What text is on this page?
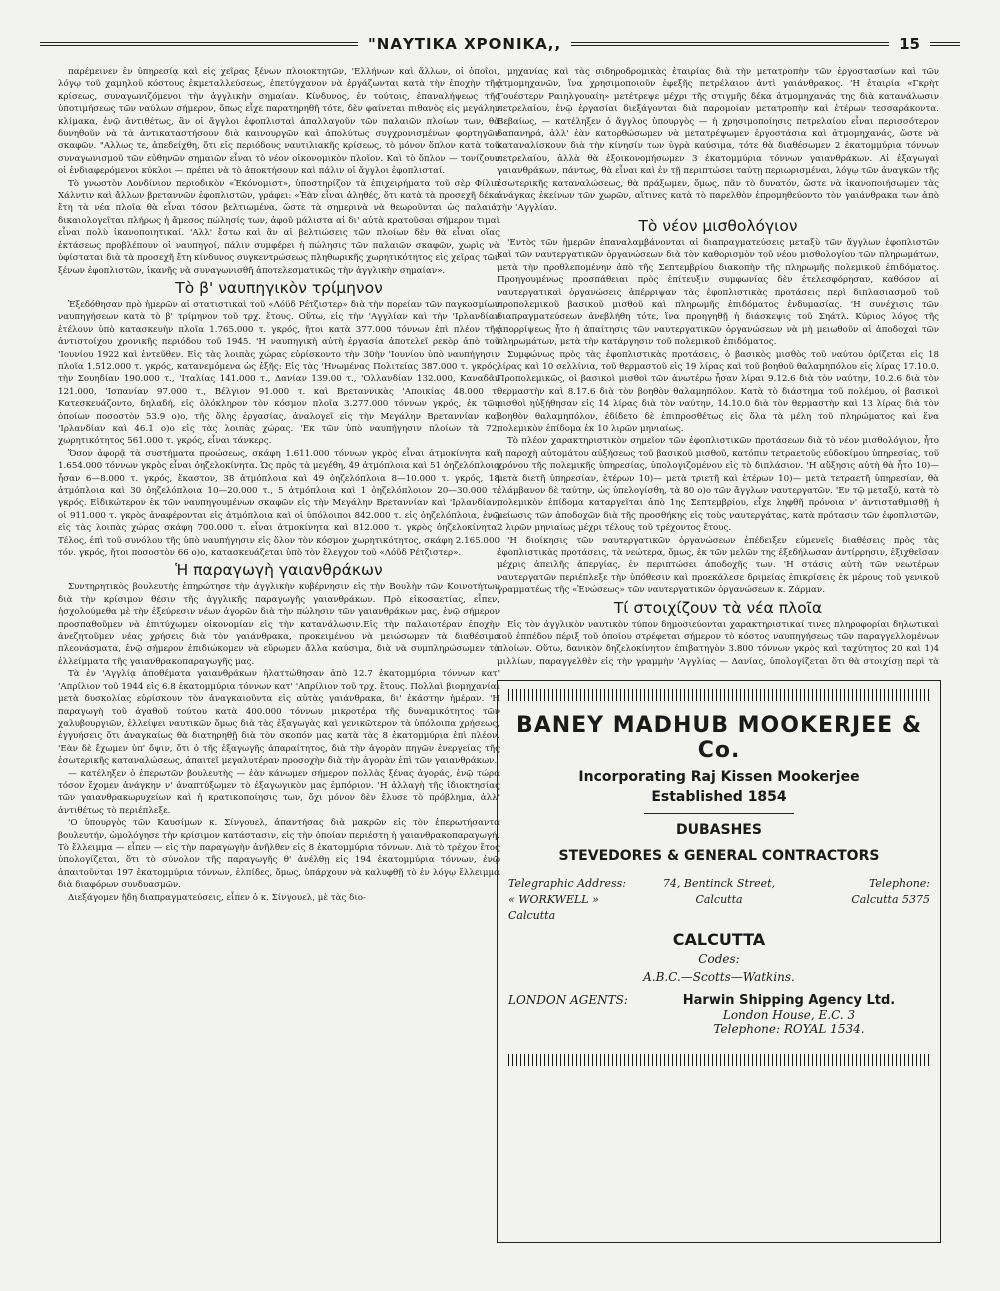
"ΝΑΥΤΙΚΑ ΧΡΟΝΙΚΑ,,	15

παρέμεινεν ἐν ὑπηρεσίᾳ καὶ εἰς χεῖρας ξένων πλοιοκτητῶν, 'Ελλήνων καὶ ἄλλων, οἱ ὁποῖοι, λόγῳ τοῦ χαμηλοῦ κόστους ἐκμεταλλεύσεως, ἐπετύγχανον νὰ ἐργάζωνται κατὰ τὴν ἐποχὴν τῆς κρίσεως, συναγωνιζόμενοι τὴν ἀγγλικὴν σημαίαν. Κίνδυνος, ἐν τούτοις, ἐπαναλήψεως τῆς ὑποτιμήσεως τῶν ναύλων σήμερον, ὅπως εἶχε παρατηρηθῆ τότε, δὲν φαίνεται πιθανὸς εἰς μεγάλην κλίμακα, ἐνῷ ἀντιθέτως, ἂν οἱ ἄγγλοι ἐφοπλισταὶ ἀπαλλαγοῦν τῶν παλαιῶν πλοίων των, θὰ δυνηθοῦν νὰ τὰ ἀντικαταστήσουν διὰ καινουργῶν καὶ ἀπολύτως συγχρονισμένων φορτηγῶν σκαφῶν. "Αλλως τε, ἀπεδείχθη, ὅτι εἰς περιόδους ναυτιλιακῆς κρίσεως, τὸ μόνον ὅπλον κατὰ τοῦ συναγωνισμοῦ τῶν εὐθηνῶν σημαιῶν εἶναι τὸ νέον οἰκονομικὸν πλοῖον. Καὶ τὸ ὅπλον — τονίζουν οἱ ἐνδιαφερόμενοι κύκλοι — πρέπει νὰ τὸ ἀποκτήσουν καὶ πάλιν οἱ ἄγγλοι ἐφοπλισταί.

Τὸ γνωστὸν Λονδίνιον περιοδικὸν «Ἐκόνομιστ», ὑποστηρίζον τὰ ἐπιχειρήματα τοῦ σὲρ Φίλιπ Χάλντιν καὶ ἄλλων βρεταννῶν ἐφοπλιστῶν, γράφει: «Ἐὰν εἶναι ἀληθές, ὅτι κατὰ τὰ προσεχῆ δέκα ἔτη τὰ νέα πλοῖα θὰ εἶναι τόσον βελτιωμένα, ὥστε τὰ σημερινὰ νὰ θεωροῦνται ὡς παλαιά, δικαιολογεῖται πλήρως ἡ ἄμεσος πώλησίς των, ἀφοῦ μάλιστα αἱ δι' αὐτὰ κρατοῦσαι σήμερον τιμαὶ εἶναι πολὺ ἱκανοποιητικαί. 'Αλλ' ἔστω καὶ ἂν αἱ βελτιώσεις τῶν πλοίων δὲν θὰ εἶναι οἵας ἐκτάσεως προβλέπουν οἱ ναυπηγοί, πάλιν συμφέρει ἡ πώλησις τῶν παλαιῶν σκαφῶν, χωρὶς νὰ ὑφίσταται διὰ τὰ προσεχῆ ἔτη κίνδυνος συγκεντρώσεως πληθωρικῆς χωρητικότητος εἰς χεῖρας τῶν ξένων ἐφοπλιστῶν, ἱκανῆς νὰ συναγωνισθῆ ἀποτελεσματικῶς τὴν ἀγγλικὴν σημαίαν».

Τὸ β' ναυπηγικὸν τρίμηνον

Ἐξεδόθησαν πρὸ ἡμερῶν αἱ στατιστικαὶ τοῦ «Λόϋδ Ρέτζιστερ» διὰ τὴν πορείαν τῶν παγκοσμίων ναυπηγήσεων κατὰ τὸ β' τρίμηνον τοῦ τρχ. ἔτους. Οὕτω, εἰς τὴν 'Αγγλίαν καὶ τὴν 'Ιρλανδίαν ἐτέλουν ὑπὸ κατασκευὴν πλοῖα 1.765.000 τ. γκρός, ἤτοι κατὰ 377.000 τόννων ἐπὶ πλέον τῆς ἀντιστοίχου χρονικῆς περιόδου τοῦ 1945. 'Η ναυπηγικὴ αὐτὴ ἐργασία ἀποτελεῖ ρεκὸρ ἀπὸ τοῦ 'Ιουνίου 1922 καὶ ἐντεῦθεν. Εἰς τὰς λοιπὰς χώρας εὑρίσκοντο τὴν 30ὴν 'Ιουνίου ὑπὸ ναυπήγησιν πλοῖα 1.512.000 τ. γκρός, κατανεμόμενα ὡς ἑξῆς: Εἰς τὰς 'Ηνωμένας Πολιτείας 387.000 τ. γκρός, τὴν Σουηδίαν 190.000 τ., 'Ιταλίας 141.000 τ., Δανίαν 139.00 τ., 'Ολλανδίαν 132.000, Καναδᾶν 121.000, 'Ισπανίαν 97.000 τ., Βέλγιον 91.000 τ. καὶ Βρεταννικὰς 'Αποικίας 48.000 τ. Κατεσκευάζοντο, δηλαδή, εἰς ὁλόκληρον τὸν κόσμον πλοῖα 3.277.000 τόννων γκρός, ἐκ τῶν ὁποίων ποσοστὸν 53.9 ο)ο, τῆς ὅλης ἐργασίας, ἀναλογεῖ εἰς τὴν Μεγάλην Βρεταννίαν καὶ 'Ιρλανδίαν καὶ 46.1 ο)ο εἰς τὰς λοιπὰς χώρας. 'Εκ τῶν ὑπὸ ναυπήγησιν πλοίων τὰ 72, χωρητικότητος 561.000 τ. γκρός, εἶναι τάνκερς.

Ὅσον ἀφορᾷ τὰ συστήματα προώσεως, σκάφη 1.611.000 τόννων γκρὸς εἶναι ἀτμοκίνητα καὶ 1.654.000 τόννων γκρὸς εἶναι ὀηζελοκίνητα. Ὡς πρὸς τὰ μεγέθη, 49 ἀτμόπλοια καὶ 51 ὀηζελόπλοια ἦσαν 6—8.000 τ. γκρός, ἕκαστον, 38 ἀτμόπλοια καὶ 49 ὀηζελόπλοια 8—10.000 τ. γκρός, 18 ἀτμόπλοια καὶ 30 ὀηζελόπλοια 10—20.000 τ., 5 ἀτμόπλοια καὶ 1 ὀηζελόπλοιον 20—30.000 τ. γκρός. Εἰδικώτερον ἐκ τῶν ναυπηγουμένων σκαφῶν εἰς τὴν Μεγάλην Βρεταννίαν καὶ 'Ιρλανδίαν, οἱ 911.000 τ. γκρὸς ἀναφέρονται εἰς ἀτμόπλοια καὶ οἱ ὑπόλοιποι 842.000 τ. εἰς ὀηζελόπλοια, ἐνῷ εἰς τὰς λοιπὰς χώρας σκάφη 700.000 τ. εἶναι ἀτμοκίνητα καὶ 812.000 τ. γκρὸς ὀηζελοκίνητα. Τέλος, ἐπὶ τοῦ συνόλου τῆς ὑπὸ ναυπήγησιν εἰς ὅλον τὸν κόσμον χωρητικότητος, σκάφη 2.165.000 τόν. γκρός, ἤτοι ποσοστὸν 66 ο)ο, κατασκευάζεται ὑπὸ τὸν ἔλεγχον τοῦ «Λόϋδ Ρέτζιστερ».

Ἡ παραγωγὴ γαιανθράκων

Συντηρητικὸς βουλευτὴς ἐπηρώτησε τὴν ἀγγλικὴν κυβέρνησιν εἰς τὴν Βουλὴν τῶν Κοινοτήτων διὰ τὴν κρίσιμον θέσιν τῆς ἀγγλικῆς παραγωγῆς γαιανθράκων. Πρὸ εἰκοσαετίας, εἶπεν, ἠσχολούμεθα μὲ τὴν ἐξεύρεσιν νέων ἀγορῶν διὰ τὴν πώλησιν τῶν γαιανθράκων μας, ἐνῷ σήμερον προσπαθοῦμεν νὰ ἐπιτύχωμεν οἰκονομίαν εἰς τὴν κατανάλωσιν.Εἰς τὴν παλαιοτέραν ἐποχὴν ἀνεζητοῦμεν νέας χρήσεις διὰ τὸν γαιάνθρακα, προκειμένου νὰ μειώσωμεν τὰ διαθέσιμα πλεονάσματα, ἐνῷ σήμερον ἐπιδιώκομεν νὰ εὕρωμεν ἄλλα καύσιμα, διὰ νὰ συμπληρώσωμεν τὰ ἐλλείμματα τῆς γαιανθρακοπαραγωγῆς μας.

Τὰ ἐν 'Αγγλίᾳ ἀποθέματα γαιανθράκων ἠλαττώθησαν ἀπὸ 12.7 ἑκατομμύρια τόννων κατ' 'Απρίλιον τοῦ 1944 εἰς 6.8 ἑκατομμύρια τόννων κατ' 'Απρίλιον τοῦ τρχ. ἔτους. Πολλαὶ βιομηχανίαι μετὰ δυσκολίας εὑρίσκουν τὸν ἀναγκαιοῦντα εἰς αὐτὰς γαιάνθρακα, δι' ἑκάστην ἡμέραν. 'Η παραγωγὴ τοῦ ἀγαθοῦ τούτου κατὰ 400.000 τόννων μικροτέρα τῆς δυναμικότητος τῶν χαλυβουργιῶν, ἐλλείψει ναυτικῶν ὅμως διὰ τὰς ἐξαγωγὰς καὶ γενικῶτερον τὰ ὑπόλοιπα χρήσεως, ἐγγυήσεις ὅτι ἀναγκαίως θὰ διατηρηθῇ διὰ τὸν σκοπόν μας κατὰ τὰς 8 ἑκατομμύρια ἐπὶ πλέον. 'Εὰν δὲ ἔχωμεν ὑπ' ὄψιν, ὅτι ὁ τῆς ἐξαγωγῆς ἀπαραίτητος, διὰ τὴν ἀγορὰν πηγῶν ἐνεργείας τῆς ἐσωτερικῆς καταναλώσεως, ἀπαιτεῖ μεγαλυτέραν προσοχὴν διὰ τὴν ἀγορὰν ἐπὶ τῶν γαιανθράκων.

— κατέληξεν ὁ ἐπερωτῶν βουλευτὴς — ἐὰν κάνωμεν σήμερον πολλὰς ξένας ἀγοράς, ἐνῷ τώρα τόσον ἔχομεν ἀνάγκην ν' ἀναπτύξωμεν τὸ ἐξαγωγικὸν μας ἐμπόριον. 'Η ἀλλαγὴ τῆς ἰδιοκτησίας τῶν γαιανθρακωρυχείων καὶ ἡ κρατικοποίησις των, ὄχι μόνον δὲν ἔλυσε τὸ πρόβλημα, ἀλλ' ἀντιθέτως τὸ περιέπλεξε.

'Ο ὑπουργὸς τῶν Καυσίμων κ. Σίνγουελ, ἀπαντήσας διὰ μακρῶν εἰς τὸν ἐπερωτήσαντα βουλευτήν, ὡμολόγησε τὴν κρίσιμον κατάστασιν, εἰς τὴν ὁποίαν περιέστη ἡ γαιανθρακοπαραγωγή. Τὸ ἔλλειμμα — εἶπεν — εἰς τὴν παραγωγὴν ἀνῆλθεν εἰς 8 ἑκατομμύρια τόννων. Διὰ τὸ τρέχον ἔτος ὑπολογίζεται, ὅτι τὸ σύνολον τῆς παραγωγῆς θ' ἀνέλθῃ εἰς 194 ἑκατομμύρια τόννων, ἐνῷ ἀπαιτοῦνται 197 ἑκατομμύρια τόννων, ἐλπίδες, ὅμως, ὑπάρχουν νὰ καλυφθῇ τὸ ἐν λόγῳ ἔλλειμμα διὰ διαφόρων συνδυασμῶν.

Διεξάγομεν ἤδη διαπραγματεύσεις, εἶπεν ὁ κ. Σίνγουελ, μὲ τὰς διο-

μηχανίας καὶ τὰς σιδηροδρομικὰς ἑταιρίας διὰ τὴν μετατροπὴν τῶν ἐργοστασίων καὶ τῶν ἀτμομηχανῶν, ἵνα χρησιμοποιοῦν ἐφεξῆς πετρέλαιον ἀντὶ γαιάνθρακος. 'Η ἑταιρία «Γκρὴτ Γουέστερν Ραιηλγουαίη» μετέτρεψε μέχρι τῆς στιγμῆς δέκα ἀτμομηχανάς της διὰ κατανάλωσιν πετρελαίου, ἐνῷ ἐργασίαι διεξάγονται διὰ παρομοίαν μετατροπὴν καὶ ἑτέρων τεσσαράκοντα. Βεβαίως, — κατέληξεν ὁ ἄγγλος ὑπουργὸς — ἡ χρησιμοποίησις πετρελαίου εἶναι περισσότερον δαπανηρά, ἀλλ' ἐὰν κατορθώσωμεν νὰ μετατρέψωμεν ἐργοστάσια καὶ ἀτμομηχανάς, ὥστε νὰ καταναλίσκουν διὰ τὴν κίνησίν των ὑγρὰ καύσιμα, τότε θὰ διαθέσωμεν 2 ἑκατομμύρια τόννων πετρελαίου, ἀλλὰ θὰ ἐξοικονομήσωμεν 3 ἑκατομμύρια τόννων γαιανθράκων. Αἱ ἐξαγωγαὶ γαιανθράκων, πάντως, θὰ εἶναι καὶ ἐν τῇ περιπτώσει ταύτῃ περιωρισμέναι, λόγῳ τῶν ἀναγκῶν τῆς ἐσωτερικῆς καταναλώσεως, θὰ πράξωμεν, ὅμως, πᾶν τὸ δυνατόν, ὥστε νὰ ἱκανοποιήσωμεν τὰς ἀνάγκας ἐκείνων τῶν χωρῶν, αἵτινες κατὰ τὸ παρελθὸν ἐπρομηθεύοντο τὸν γαιάνθρακα των ἀπὸ τὴν 'Αγγλίαν.

Τὸ νέον μισθολόγιον

'Εντὸς τῶν ἡμερῶν ἐπαναλαμβάνονται αἱ διαπραγματεύσεις μεταξὺ τῶν ἄγγλων ἐφοπλιστῶν καὶ τῶν ναυτεργατικῶν ὀργανώσεων διὰ τὸν καθορισμὸν τοῦ νέου μισθολογίου τῶν πληρωμάτων, μετὰ τὴν προθλεπομένην ἀπὸ τῆς Σεπτεμβρίου διακοπὴν τῆς πληρωμῆς πολεμικοῦ ἐπιδόματος. Προηγουμένως προσπάθειαι πρὸς ἐπίτευξιν συμφωνίας δὲν ἐτελεσφόρησαν, καθόσον αἱ ναυτεργατικαὶ ὀργανώσεις ἀπέρριψαν τὰς ἐφοπλιστικὰς προτάσεις περὶ διπλασιασμοῦ τοῦ προπολεμικοῦ βασικοῦ μισθοῦ καὶ πληρωμῆς ἐπιδόματος ἐνδυμασίας. 'Η συνέχισις τῶν διαπραγματεύσεων ἀνεβλήθη τότε, ἵνα προηγηθῇ ἡ διάσκεψις τοῦ Σηάτλ. Κύριος λόγος τῆς ἀπορρίψεως ἦτο ἡ ἀπαίτησις τῶν ναυτεργατικῶν ὀργανώσεων νὰ μὴ μειωθοῦν αἱ ἀποδοχαὶ τῶν πληρωμάτων, μετὰ τὴν κατάργησιν τοῦ πολεμικοῦ ἐπιδόματος.

Συμφώνως πρὸς τὰς ἐφοπλιστικὰς προτάσεις, ὁ βασικὸς μισθὸς τοῦ ναύτου ὁρίζεται εἰς 18 λίρας καὶ 10 σελλίνια, τοῦ θερμαστοῦ εἰς 19 λίρας καὶ τοῦ βοηθοῦ θαλαμηπόλου εἰς λίρας 17.10.0. Προπολεμικῶς, οἱ βασικοὶ μισθοὶ τῶν ἀνωτέρω ἦσαν λίραι 9.12.6 διὰ τὸν ναύτην, 10.2.6 διὰ τὸν θερμαστὴν καὶ 8.17.6 διὰ τὸν βοηθὸν θαλαμηπόλον. Κατὰ τὸ διάστημα τοῦ πολέμου, οἱ βασικοὶ μισθοὶ ηὐξήθησαν εἰς 14 λίρας διὰ τὸν ναύτην, 14.10.0 διὰ τὸν θερμαστὴν καὶ 13 λίρας διὰ τὸν βοηθὸν θαλαμηπόλον, ἐδίδετο δὲ ἐπιπροσθέτως εἰς ὅλα τὰ μέλη τοῦ πληρώματος καὶ ἕνα πολεμικὸν ἐπίδομα ἐκ 10 λιρῶν μηνιαίως.

Τὸ πλέον χαρακτηριστικὸν σημεῖον τῶν ἐφοπλιστικῶν προτάσεων διὰ τὸ νέον μισθολόγιον, ἦτο ἡ παροχὴ αὐτομάτου αὐξήσεως τοῦ βασικοῦ μισθοῦ, κατόπιν τετραετοῦς εὐδοκίμου ὑπηρεσίας, τοῦ χρόνου τῆς πολεμικῆς ὑπηρεσίας, ὑπολογιζομένου εἰς τὸ διπλάσιον. 'Η αὔξησις αὐτὴ θὰ ἦτο 10)— μετὰ διετῆ ὑπηρεσίαν, ἑτέρων 10)— μετὰ τριετῆ καὶ ἑτέρων 10)— μετὰ τετραετῆ ὑπηρεσίαν, θὰ ἐλάμβανον δὲ ταύτην, ὡς ὑπελογίσθη, τὰ 80 ο)ο τῶν ἄγγλων ναυτεργατῶν. 'Εν τῷ μεταξύ, κατὰ τὸ πολεμικὸν ἐπίδομα καταργεῖται ἀπὸ 1ης Σεπτεμβρίου, εἶχε ληφθῆ πρόνοια ν' ἀντισταθμισθῇ ἡ μείωσις τῶν ἀποδοχῶν διὰ τῆς προσθήκης εἰς τοὺς ναυτεργάτας, κατὰ πρότασιν τῶν ἐφοπλιστῶν, 2 λιρῶν μηνιαίως μέχρι τέλους τοῦ τρέχοντος ἔτους.

'Η διοίκησις τῶν ναυτεργατικῶν ὀργανώσεων ἐπέδειξεν εὐμενεῖς διαθέσεις πρὸς τὰς ἐφοπλιστικὰς προτάσεις, τὰ νεώτερα, ὅμως, ἐκ τῶν μελῶν της ἐξεδήλωσαν ἀντίρρησιν, ἐξιχθεῖσαν μέχρις ἀπειλῆς ἀπεργίας, ἐν περιπτώσει ἀποδοχῆς των. 'Η στάσις αὐτὴ τῶν νεωτέρων ναυτεργατῶν περιέπλεξε τὴν ὑπόθεσιν καὶ προεκάλεσε δριμείας ἐπικρίσεις ἐκ μέρους τοῦ γενικοῦ γραμματέως τῆς «Ἐνώσεως» τῶν ναυτεργατικῶν ὀργανώσεων κ. Ζάρμαν.

Τί στοιχίζουν τὰ νέα πλοῖα

Εἰς τὸν ἀγγλικὸν ναυτικὸν τύπον δημοσιεύονται χαρακτηριστικαί τινες πληροφορίαι δηλωτικαὶ τοῦ ἐππέδου πέριξ τοῦ ὁποίου στρέφεται σήμερον τὸ κόστος ναυπηγήσεως τῶν παραγγελλομένων πλοίων. Οὕτω, δανικὸν δηζελοκίνητον ἐπιβατηγὸν 3.800 τόννων γκρὸς καὶ ταχύτητος 20 καὶ 1)4 μιλλίων, παραγγελθὲν εἰς τὴν γραμμὴν 'Αγγλίας — Δανίας, ὑπολογίζεται ὅτι θὰ στοιχίσῃ περὶ τὰ

BANEY MADHUB MOOKERJEE & Co.
Incorporating Raj Kissen Mookerjee
Established 1854
DUBASHES
STEVEDORES & GENERAL CONTRACTORS
Telegraphic Address:
« WORKWELL » Calcutta
74, Bentinck Street,
Calcutta
Telephone:
Calcutta 5375
CALCUTTA
Codes:
A.B.C.—Scotts—Watkins.
LONDON AGENTS:	Harwin Shipping Agency Ltd.
London House, E.C. 3
Telephone: ROYAL 1534.
